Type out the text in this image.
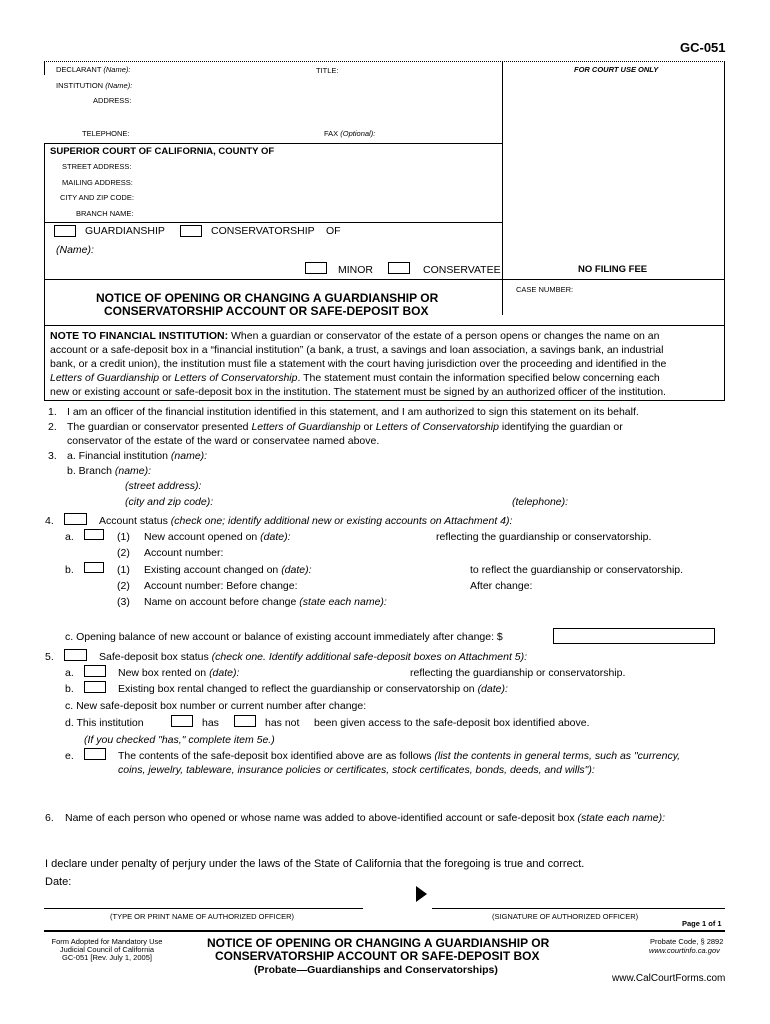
GC-051
DECLARANT (Name):	TITLE:	FOR COURT USE ONLY
INSTITUTION (Name):
ADDRESS:
TELEPHONE:	FAX (Optional):
SUPERIOR COURT OF CALIFORNIA, COUNTY OF
STREET ADDRESS:
MAILING ADDRESS:
CITY AND ZIP CODE:
BRANCH NAME:
GUARDIANSHIP	CONSERVATORSHIP OF
(Name):
MINOR	CONSERVATEE	NO FILING FEE
NOTICE OF OPENING OR CHANGING A GUARDIANSHIP OR
CONSERVATORSHIP ACCOUNT OR SAFE-DEPOSIT BOX
CASE NUMBER:
NOTE TO FINANCIAL INSTITUTION: When a guardian or conservator of the estate of a person opens or changes the name on an
account or a safe-deposit box in a “financial institution” (a bank, a trust, a savings and loan association, a savings bank, an industrial
bank, or a credit union), the institution must file a statement with the court having jurisdiction over the proceeding and identified in the
Letters of Guardianship or Letters of Conservatorship. The statement must contain the information specified below concerning each
new or existing account or safe-deposit box in the institution. The statement must be signed by an authorized officer of the institution.
1. I am an officer of the financial institution identified in this statement, and I am authorized to sign this statement on its behalf.
2. The guardian or conservator presented Letters of Guardianship or Letters of Conservatorship identifying the guardian or
conservator of the estate of the ward or conservatee named above.
3. a. Financial institution (name):
b. Branch (name):
(street address):
(city and zip code):	(telephone):
4.	Account status (check one; identify additional new or existing accounts on Attachment 4):
a.	(1) New account opened on (date):	reflecting the guardianship or conservatorship.
(2) Account number:
b.	(1) Existing account changed on (date):	to reflect the guardianship or conservatorship.
(2) Account number: Before change:	After change:
(3) Name on account before change (state each name):
c. Opening balance of new account or balance of existing account immediately after change: $
5.	Safe-deposit box status (check one. Identify additional safe-deposit boxes on Attachment 5):
a.	New box rented on (date):	reflecting the guardianship or conservatorship.
b.	Existing box rental changed to reflect the guardianship or conservatorship on (date):
c. New safe-deposit box number or current number after change:
d. This institution	has	has not been given access to the safe-deposit box identified above.
(If you checked "has," complete item 5e.)
e.	The contents of the safe-deposit box identified above are as follows (list the contents in general terms, such as "currency,
coins, jewelry, tableware, insurance policies or certificates, stock certificates, bonds, deeds, and wills"):
6. Name of each person who opened or whose name was added to above-identified account or safe-deposit box (state each name):
I declare under penalty of perjury under the laws of the State of California that the foregoing is true and correct.
Date:
(TYPE OR PRINT NAME OF AUTHORIZED OFFICER)	(SIGNATURE OF AUTHORIZED OFFICER)
Page 1 of 1
Form Adopted for Mandatory Use
Judicial Council of California
GC-051 [Rev. July 1, 2005]
NOTICE OF OPENING OR CHANGING A GUARDIANSHIP OR
CONSERVATORSHIP ACCOUNT OR SAFE-DEPOSIT BOX
(Probate—Guardianships and Conservatorships)
Probate Code, § 2892
www.courtinfo.ca.gov
www.CalCourtForms.com
